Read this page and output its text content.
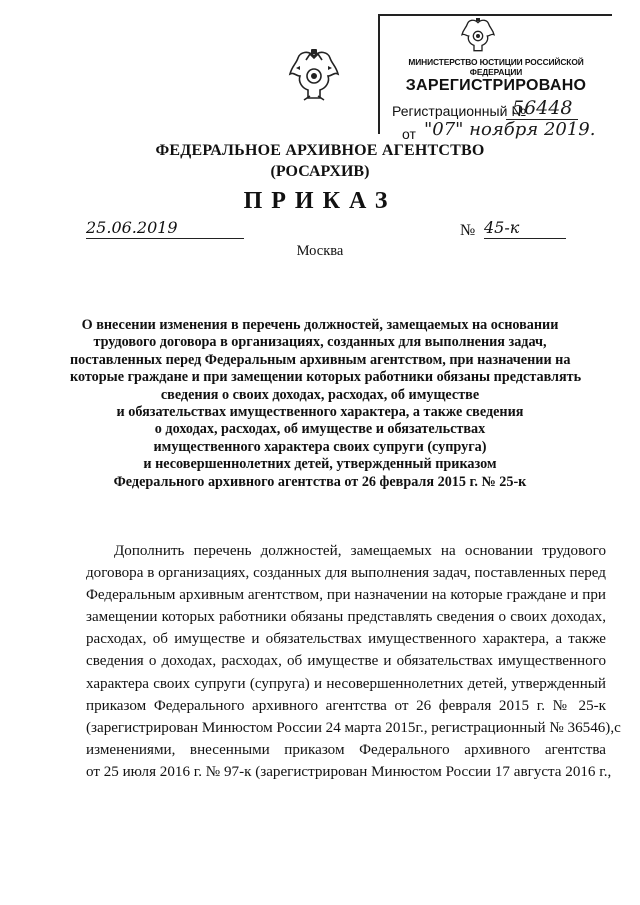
МИНИСТЕРСТВО ЮСТИЦИИ РОССИЙСКОЙ ФЕДЕРАЦИИ
ЗАРЕГИСТРИРОВАНО
Регистрационный №
56448
от "07" ноября 2019.
ФЕДЕРАЛЬНОЕ АРХИВНОЕ АГЕНТСТВО
(РОСАРХИВ)
ПРИКАЗ
25.06.2019	№ 45-к
Москва
О внесении изменения в перечень должностей, замещаемых на основании
трудового договора в организациях, созданных для выполнения задач,
поставленных перед Федеральным архивным агентством, при назначении на
которые граждане и при замещении которых работники обязаны представлять
сведения о своих доходах, расходах, об имуществе
и обязательствах имущественного характера, а также сведения
о доходах, расходах, об имуществе и обязательствах
имущественного характера своих супруги (супруга)
и несовершеннолетних детей, утвержденный приказом
Федерального архивного агентства от 26 февраля 2015 г. № 25-к
Дополнить перечень должностей, замещаемых на основании трудового
договора в организациях, созданных для выполнения задач, поставленных перед
Федеральным архивным агентством, при назначении на которые граждане и при
замещении которых работники обязаны представлять сведения о своих доходах,
расходах, об имуществе и обязательствах имущественного характера, а также
сведения о доходах, расходах, об имуществе и обязательствах имущественного
характера своих супруги (супруга) и несовершеннолетних детей, утвержденный
приказом Федерального архивного агентства от 26 февраля 2015 г. № 25-к
(зарегистрирован Минюстом России 24 марта 2015г., регистрационный № 36546),с
изменениями, внесенными приказом Федерального архивного агентства
от 25 июля 2016 г. № 97-к (зарегистрирован Минюстом России 17 августа 2016 г.,
